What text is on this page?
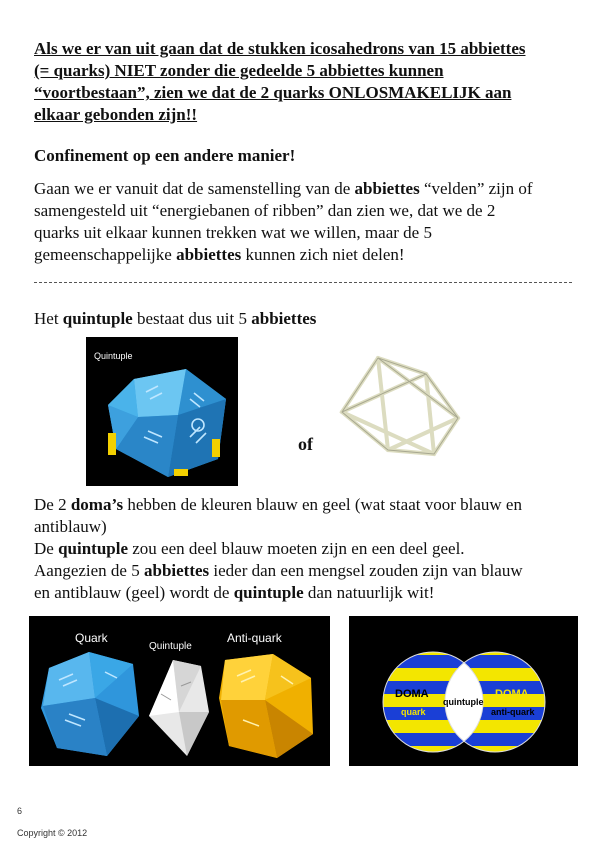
Als we er van uit gaan dat de stukken icosahedrons van 15 abbiettes
(= quarks) NIET zonder die gedeelde 5 abbiettes kunnen
“voortbestaan”, zien we dat de 2 quarks ONLOSMAKELIJK aan
elkaar gebonden zijn!!
Confinement op een andere manier!
Gaan we er vanuit dat de samenstelling van de abbiettes “velden” zijn of
samengesteld uit “energiebanen of ribben” dan zien we, dat we de 2
quarks uit elkaar kunnen trekken wat we willen, maar de 5
gemeenschappelijke abbiettes kunnen zich niet delen!
Het quintuple bestaat dus uit 5 abbiettes
Quintuple
of
De 2 doma’s hebben de kleuren blauw en geel (wat staat voor blauw en
antiblauw)
De quintuple zou een deel blauw moeten zijn en een deel geel.
Aangezien de 5 abbiettes ieder dan een mengsel zouden zijn van blauw
en antiblauw (geel) wordt de quintuple dan natuurlijk wit!
Quark
Quintuple
Anti-quark
DOMA
quark
quintuple
DOMA
anti-quark
6
Copyright © 2012
